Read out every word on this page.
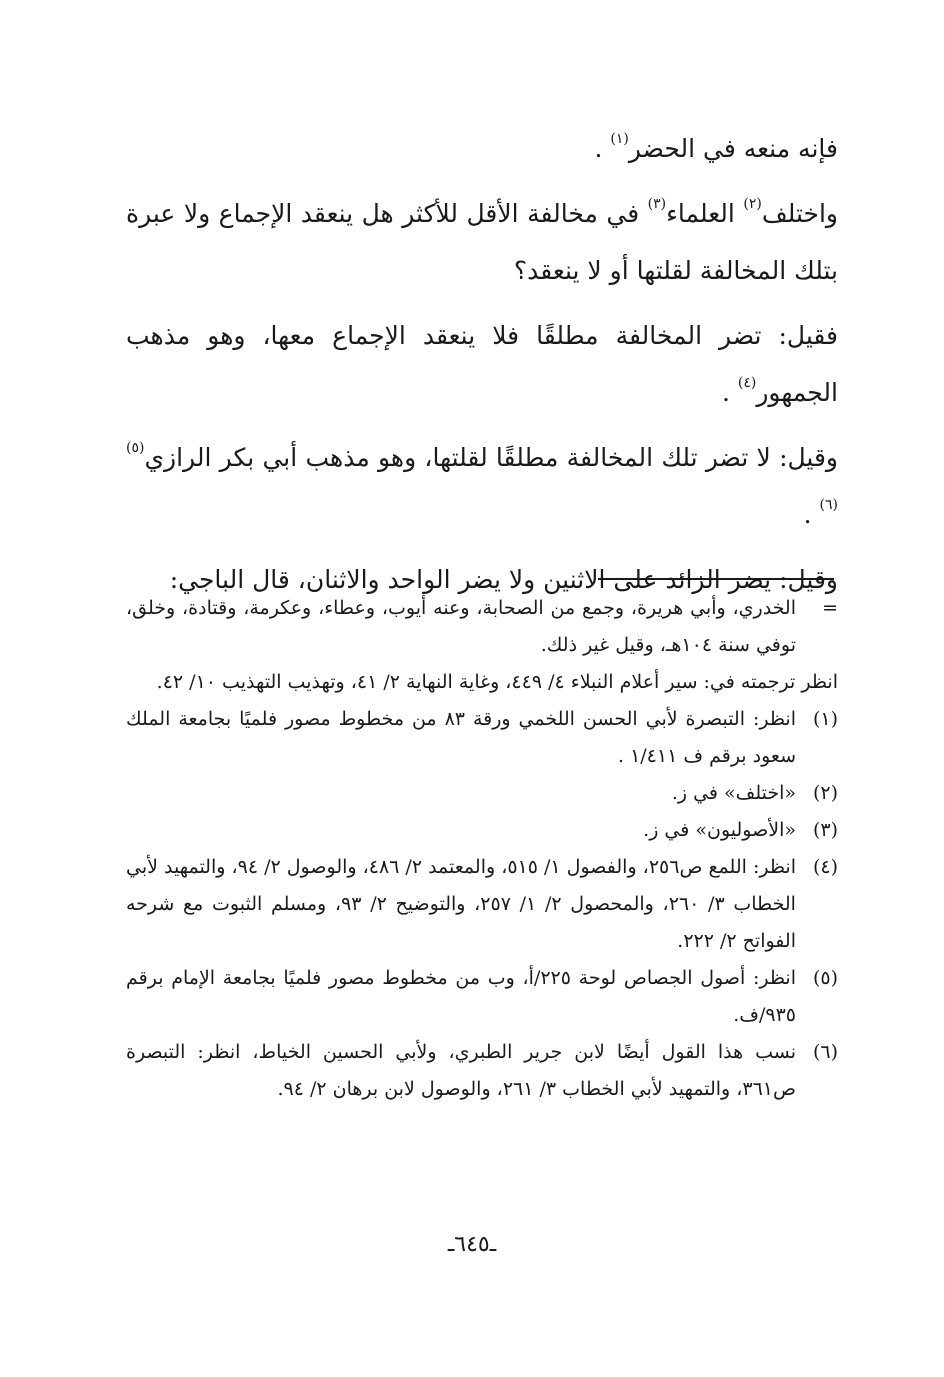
فإنه منعه في الحضر$^{(١)}$ .

واختلف$^{(٢)}$ العلماء$^{(٣)}$ في مخالفة الأقل للأكثر هل ينعقد الإجماع ولا عبرة بتلك المخالفة لقلتها أو لا ينعقد؟

فقيل: تضر المخالفة مطلقًا فلا ينعقد الإجماع معها، وهو مذهب الجمهور$^{(٤)}$ .

وقيل: لا تضر تلك المخالفة مطلقًا لقلتها، وهو مذهب أبي بكر الرازي$^{(٥)(٦)}$ .

وقيل: يضر الزائد على الاثنين ولا يضر الواحد والاثنان، قال الباجي:

=
الخدري، وأبي هريرة، وجمع من الصحابة، وعنه أيوب، وعطاء، وعكرمة، وقتادة، وخلق، توفي سنة ١٠٤هـ، وقيل غير ذلك.

انظر ترجمته في: سير أعلام النبلاء ٤/ ٤٤٩، وغاية النهاية ٢/ ٤١، وتهذيب التهذيب ١٠/ ٤٢.

(١)
انظر: التبصرة لأبي الحسن اللخمي ورقة ٨٣ من مخطوط مصور فلميًا بجامعة الملك سعود برقم ف ١/٤١١ .
(٢)
«اختلف» في ز.
(٣)
«الأصوليون» في ز.
(٤)
انظر: اللمع ص٢٥٦، والفصول ١/ ٥١٥، والمعتمد ٢/ ٤٨٦، والوصول ٢/ ٩٤، والتمهيد لأبي الخطاب ٣/ ٢٦٠، والمحصول ٢/ ١/ ٢٥٧، والتوضيح ٢/ ٩٣، ومسلم الثبوت مع شرحه الفواتح ٢/ ٢٢٢.
(٥)
انظر: أصول الجصاص لوحة ٢٢٥/أ، وب من مخطوط مصور فلميًا بجامعة الإمام برقم ٩٣٥/ف.
(٦)
نسب هذا القول أيضًا لابن جرير الطبري، ولأبي الحسين الخياط، انظر: التبصرة ص٣٦١، والتمهيد لأبي الخطاب ٣/ ٢٦١، والوصول لابن برهان ٢/ ٩٤.
ـ٦٤٥ـ
